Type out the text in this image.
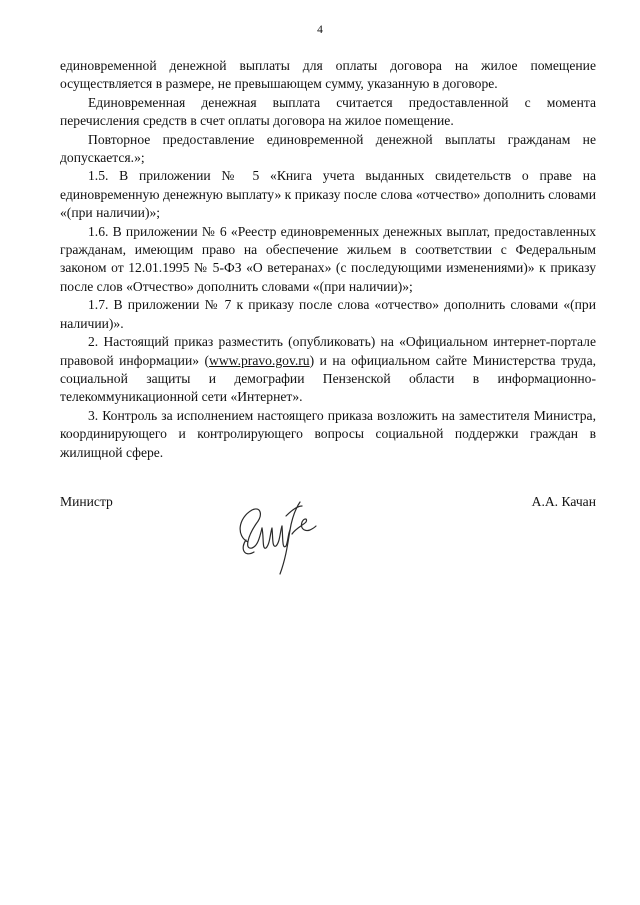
4

единовременной денежной выплаты для оплаты договора на жилое помещение осуществляется в размере, не превышающем сумму, указанную в договоре.

Единовременная денежная выплата считается предоставленной с момента перечисления средств в счет оплаты договора на жилое помещение.

Повторное предоставление единовременной денежной выплаты гражданам не допускается.»;

1.5. В приложении № 5 «Книга учета выданных свидетельств о праве на единовременную денежную выплату» к приказу после слова «отчество» дополнить словами «(при наличии)»;

1.6. В приложении № 6 «Реестр единовременных денежных выплат, предоставленных гражданам, имеющим право на обеспечение жильем в соответствии с Федеральным законом от 12.01.1995 № 5-ФЗ «О ветеранах» (с последующими изменениями)» к приказу после слов «Отчество» дополнить словами «(при наличии)»;

1.7. В приложении № 7 к приказу после слова «отчество» дополнить словами «(при наличии)».

2. Настоящий приказ разместить (опубликовать) на «Официальном интернет-портале правовой информации» (www.pravo.gov.ru) и на официальном сайте Министерства труда, социальной защиты и демографии Пензенской области в информационно-телекоммуникационной сети «Интернет».

3. Контроль за исполнением настоящего приказа возложить на заместителя Министра, координирующего и контролирующего вопросы социальной поддержки граждан в жилищной сфере.

Министр	А.А. Качан
